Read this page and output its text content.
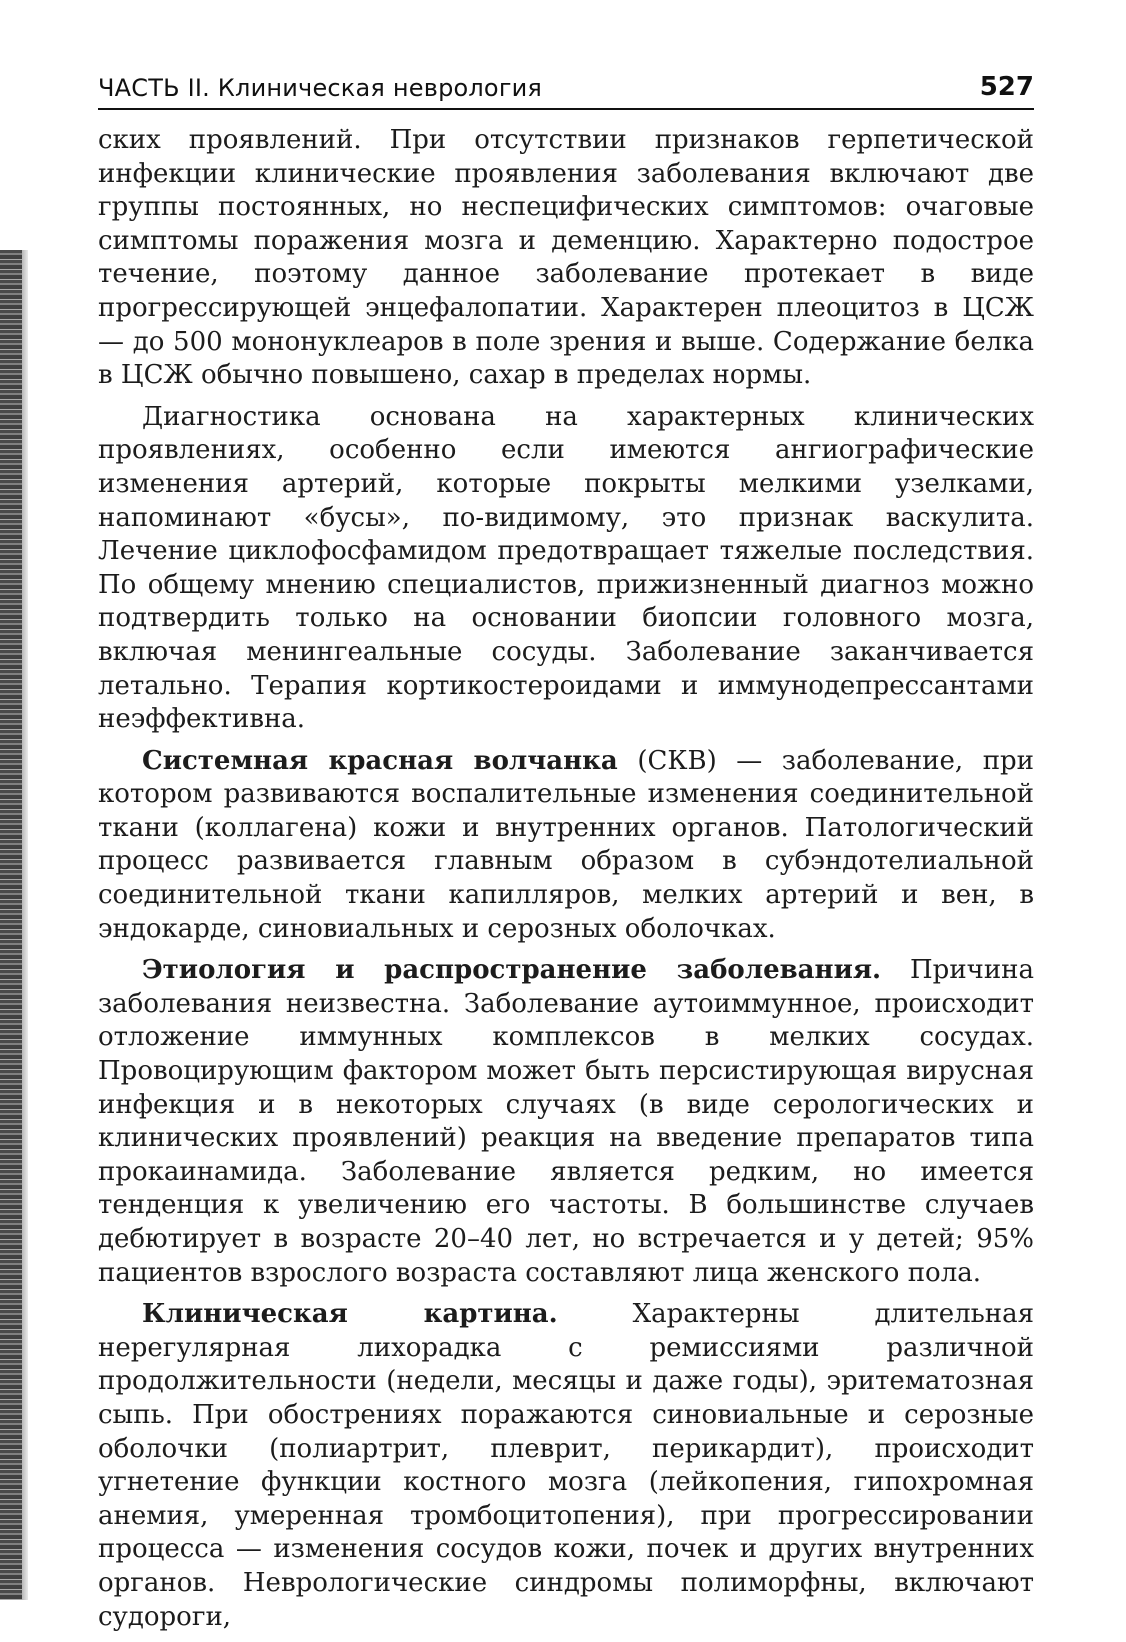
ЧАСТЬ II. Клиническая неврология	527

ских проявлений. При отсутствии признаков герпетической инфекции клинические проявления заболевания включают две группы постоянных, но неспецифических симптомов: очаговые симптомы поражения мозга и деменцию. Характерно подострое течение, поэтому данное заболевание протекает в виде прогрессирующей энцефалопатии. Характерен плеоцитоз в ЦСЖ — до 500 мононуклеаров в поле зрения и выше. Содержание белка в ЦСЖ обычно повышено, сахар в пределах нормы.

Диагностика основана на характерных клинических проявлениях, особенно если имеются ангиографические изменения артерий, которые покрыты мелкими узелками, напоминают «бусы», по-видимому, это признак васкулита. Лечение циклофосфамидом предотвращает тяжелые последствия. По общему мнению специалистов, прижизненный диагноз можно подтвердить только на основании биопсии головного мозга, включая менингеальные сосуды. Заболевание заканчивается летально. Терапия кортикостероидами и иммунодепрессантами неэффективна.

Системная красная волчанка (СКВ) — заболевание, при котором развиваются воспалительные изменения соединительной ткани (коллагена) кожи и внутренних органов. Патологический процесс развивается главным образом в субэндотелиальной соединительной ткани капилляров, мелких артерий и вен, в эндокарде, синовиальных и серозных оболочках.

Этиология и распространение заболевания. Причина заболевания неизвестна. Заболевание аутоиммунное, происходит отложение иммунных комплексов в мелких сосудах. Провоцирующим фактором может быть персистирующая вирусная инфекция и в некоторых случаях (в виде серологических и клинических проявлений) реакция на введение препаратов типа прокаинамида. Заболевание является редким, но имеется тенденция к увеличению его частоты. В большинстве случаев дебютирует в возрасте 20–40 лет, но встречается и у детей; 95% пациентов взрослого возраста составляют лица женского пола.

Клиническая картина. Характерны длительная нерегулярная лихорадка с ремиссиями различной продолжительности (недели, месяцы и даже годы), эритематозная сыпь. При обострениях поражаются синовиальные и серозные оболочки (полиартрит, плеврит, перикардит), происходит угнетение функции костного мозга (лейкопения, гипохромная анемия, умеренная тромбоцитопения), при прогрессировании процесса — изменения сосудов кожи, почек и других внутренних органов. Неврологические синдромы полиморфны, включают судороги,
